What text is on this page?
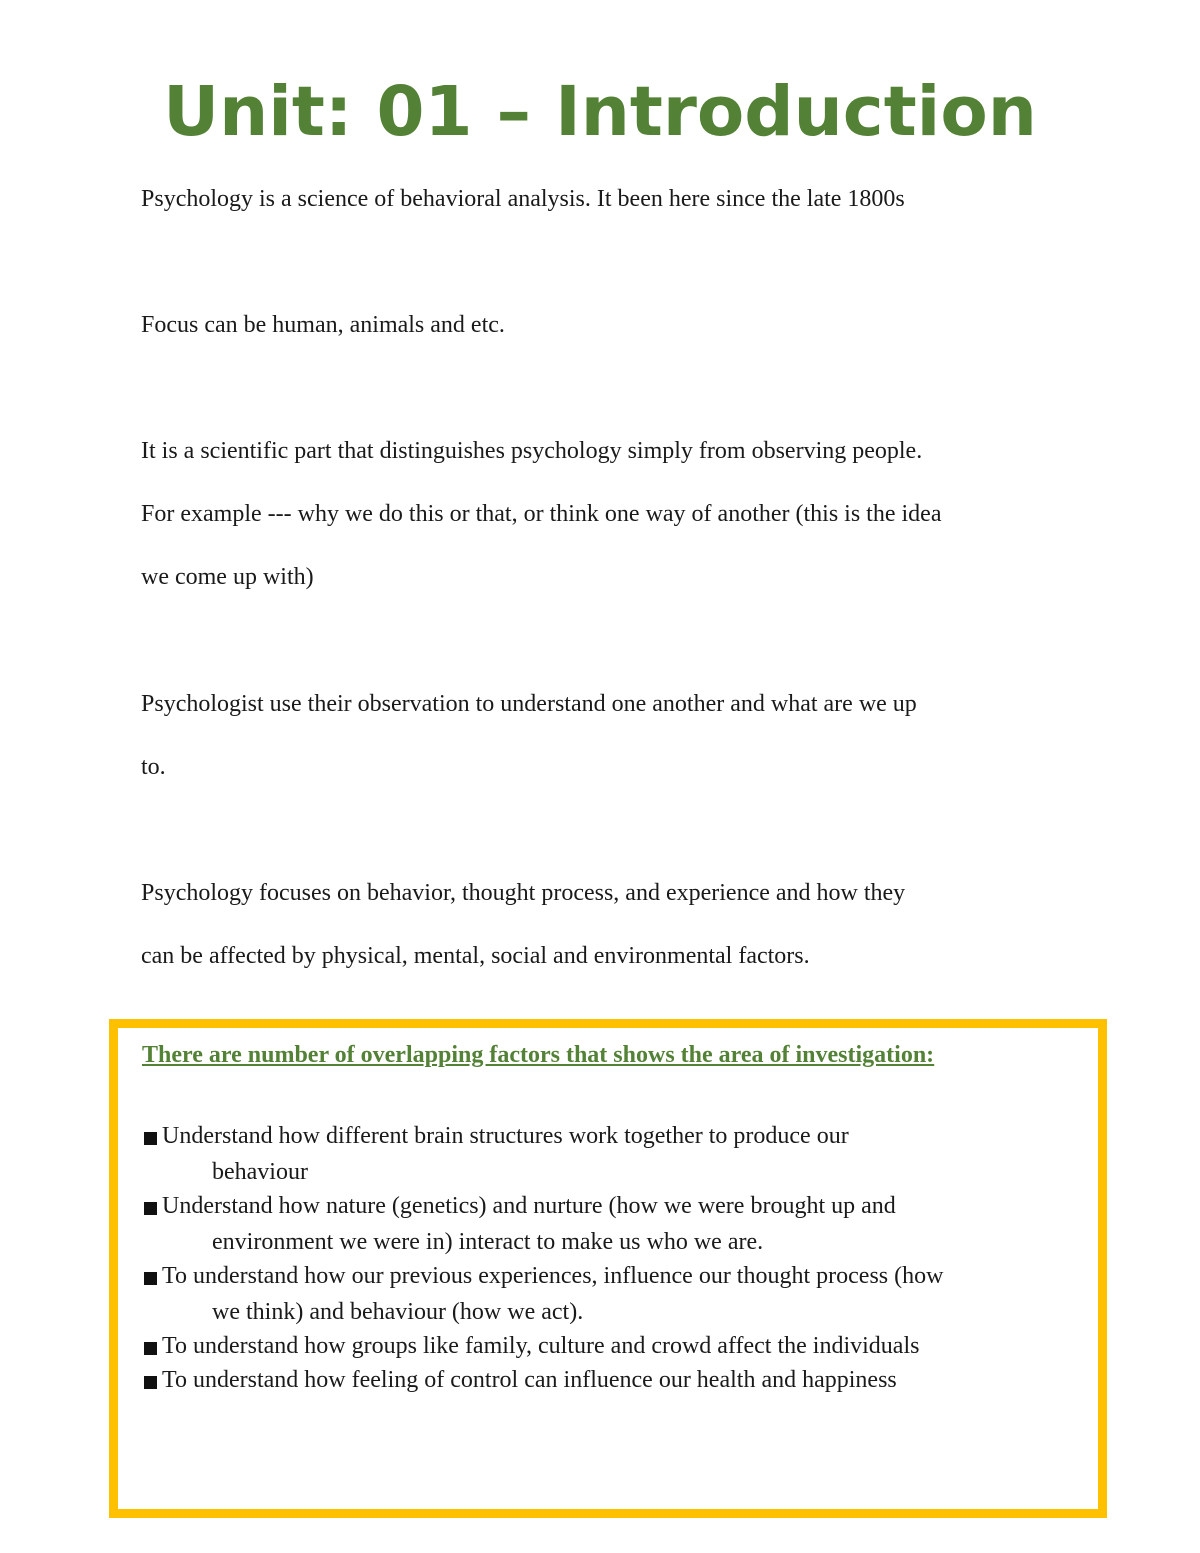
Unit: 01 – Introduction

Psychology is a science of behavioral analysis. It been here since the late 1800s

Focus can be human, animals and etc.

It is a scientific part that distinguishes psychology simply from observing people.
For example --- why we do this or that, or think one way of another (this is the idea
we come up with)

Psychologist use their observation to understand one another and what are we up
to.

Psychology focuses on behavior, thought process, and experience and how they
can be affected by physical, mental, social and environmental factors.

There are number of overlapping factors that shows the area of investigation:

Understand how different brain structures work together to produce our
behaviour
Understand how nature (genetics) and nurture (how we were brought up and
environment we were in) interact to make us who we are.
To understand how our previous experiences, influence our thought process (how
we think) and behaviour (how we act).
To understand how groups like family, culture and crowd affect the individuals
To understand how feeling of control can influence our health and happiness
